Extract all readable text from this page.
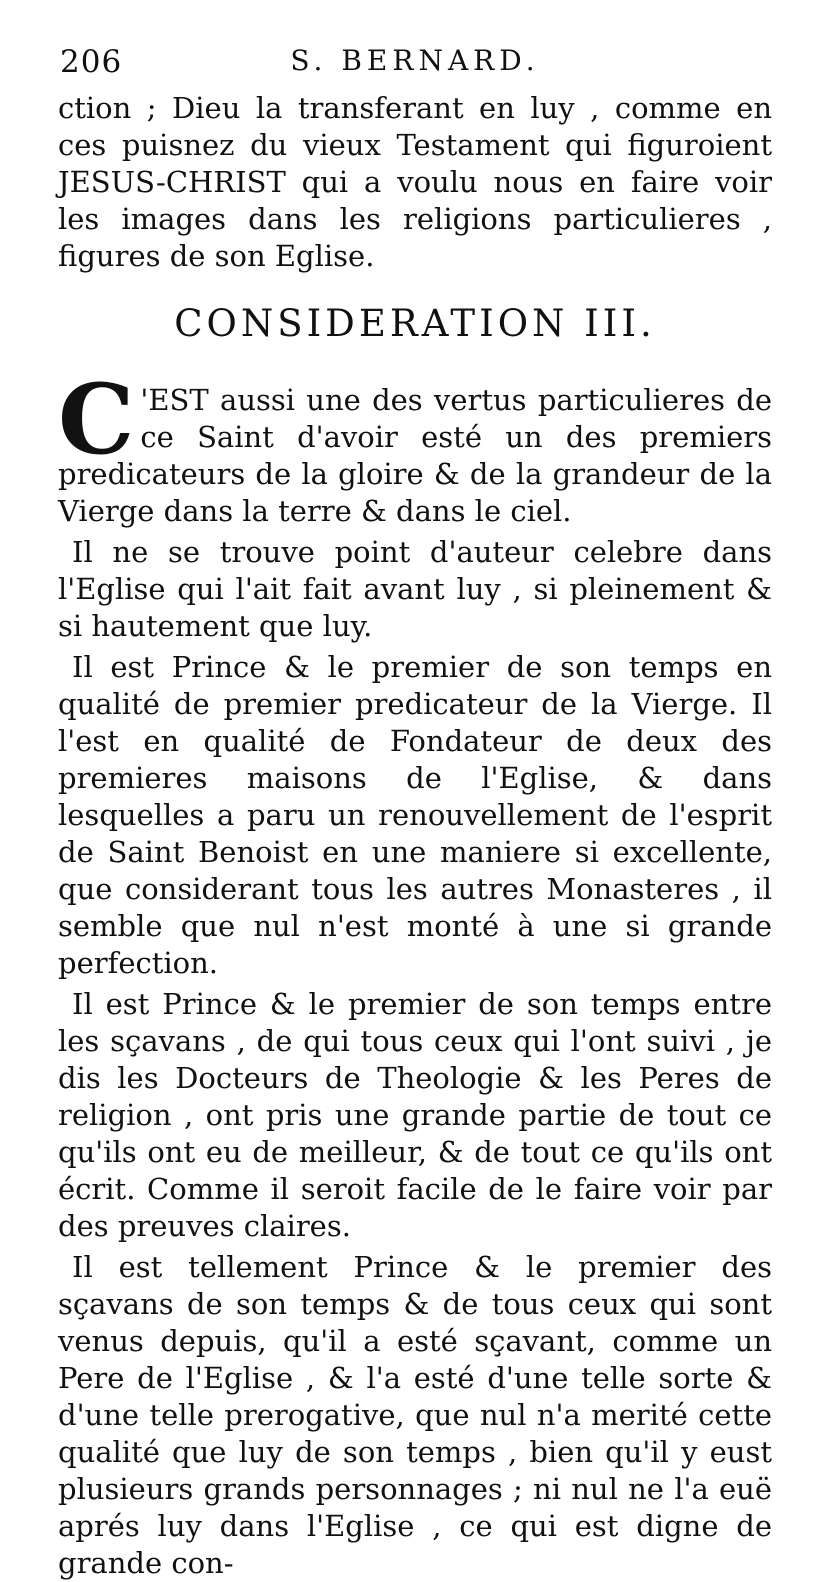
206	S. BERNARD.

ction ; Dieu la transferant en luy , comme en ces puisnez du vieux Testament qui figuroient JESUS-CHRIST qui a voulu nous en faire voir les images dans les religions particulieres , figures de son Eglise.

CONSIDERATION III.

C 'EST aussi une des vertus particulieres de ce Saint d'avoir esté un des premiers predicateurs de la gloire & de la grandeur de la Vierge dans la terre & dans le ciel.

Il ne se trouve point d'auteur celebre dans l'Eglise qui l'ait fait avant luy , si pleinement & si hautement que luy.

Il est Prince & le premier de son temps en qualité de premier predicateur de la Vierge. Il l'est en qualité de Fondateur de deux des premieres maisons de l'Eglise, & dans lesquelles a paru un renouvellement de l'esprit de Saint Benoist en une maniere si excellente, que considerant tous les autres Monasteres , il semble que nul n'est monté à une si grande perfection.

Il est Prince & le premier de son temps entre les sçavans , de qui tous ceux qui l'ont suivi , je dis les Docteurs de Theologie & les Peres de religion , ont pris une grande partie de tout ce qu'ils ont eu de meilleur, & de tout ce qu'ils ont écrit. Comme il seroit facile de le faire voir par des preuves claires.

Il est tellement Prince & le premier des sçavans de son temps & de tous ceux qui sont venus depuis, qu'il a esté sçavant, comme un Pere de l'Eglise , & l'a esté d'une telle sorte & d'une telle prerogative, que nul n'a merité cette qualité que luy de son temps , bien qu'il y eust plusieurs grands personnages ; ni nul ne l'a euë aprés luy dans l'Eglise , ce qui est digne de grande con-
